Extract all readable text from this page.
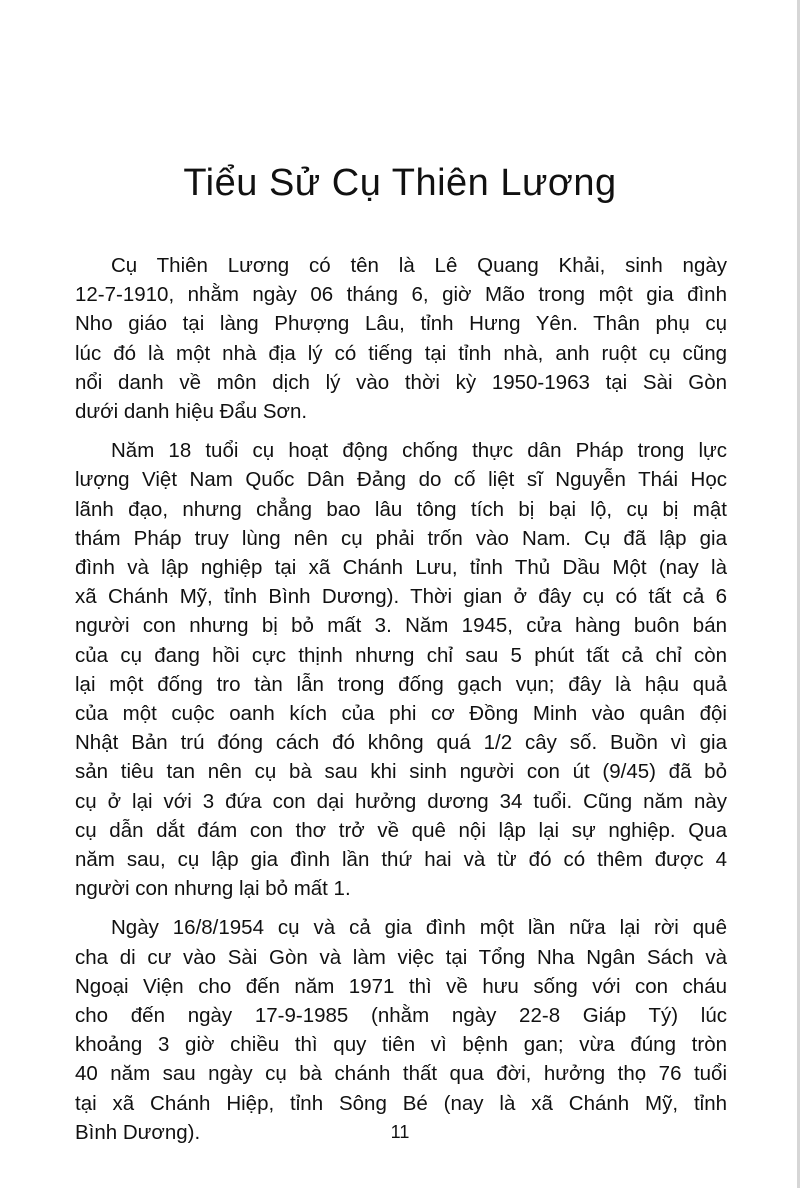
Tiểu Sử Cụ Thiên Lương

Cụ Thiên Lương có tên là Lê Quang Khải, sinh ngày
12-7-1910, nhằm ngày 06 tháng 6, giờ Mão trong một gia đình
Nho giáo tại làng Phượng Lâu, tỉnh Hưng Yên. Thân phụ cụ
lúc đó là một nhà địa lý có tiếng tại tỉnh nhà, anh ruột cụ cũng
nổi danh về môn dịch lý vào thời kỳ 1950-1963 tại Sài Gòn
dưới danh hiệu Đẩu Sơn.

Năm 18 tuổi cụ hoạt động chống thực dân Pháp trong lực
lượng Việt Nam Quốc Dân Đảng do cố liệt sĩ Nguyễn Thái Học
lãnh đạo, nhưng chẳng bao lâu tông tích bị bại lộ, cụ bị mật
thám Pháp truy lùng nên cụ phải trốn vào Nam. Cụ đã lập gia
đình và lập nghiệp tại xã Chánh Lưu, tỉnh Thủ Dầu Một (nay là
xã Chánh Mỹ, tỉnh Bình Dương). Thời gian ở đây cụ có tất cả 6
người con nhưng bị bỏ mất 3. Năm 1945, cửa hàng buôn bán
của cụ đang hồi cực thịnh nhưng chỉ sau 5 phút tất cả chỉ còn
lại một đống tro tàn lẫn trong đống gạch vụn; đây là hậu quả
của một cuộc oanh kích của phi cơ Đồng Minh vào quân đội
Nhật Bản trú đóng cách đó không quá 1/2 cây số. Buồn vì gia
sản tiêu tan nên cụ bà sau khi sinh người con út (9/45) đã bỏ
cụ ở lại với 3 đứa con dại hưởng dương 34 tuổi. Cũng năm này
cụ dẫn dắt đám con thơ trở về quê nội lập lại sự nghiệp. Qua
năm sau, cụ lập gia đình lần thứ hai và từ đó có thêm được 4
người con nhưng lại bỏ mất 1.

Ngày 16/8/1954 cụ và cả gia đình một lần nữa lại rời quê
cha di cư vào Sài Gòn và làm việc tại Tổng Nha Ngân Sách và
Ngoại Viện cho đến năm 1971 thì về hưu sống với con cháu
cho đến ngày 17-9-1985 (nhằm ngày 22-8 Giáp Tý) lúc
khoảng 3 giờ chiều thì quy tiên vì bệnh gan; vừa đúng tròn
40 năm sau ngày cụ bà chánh thất qua đời, hưởng thọ 76 tuổi
tại xã Chánh Hiệp, tỉnh Sông Bé (nay là xã Chánh Mỹ, tỉnh
Bình Dương).	11
